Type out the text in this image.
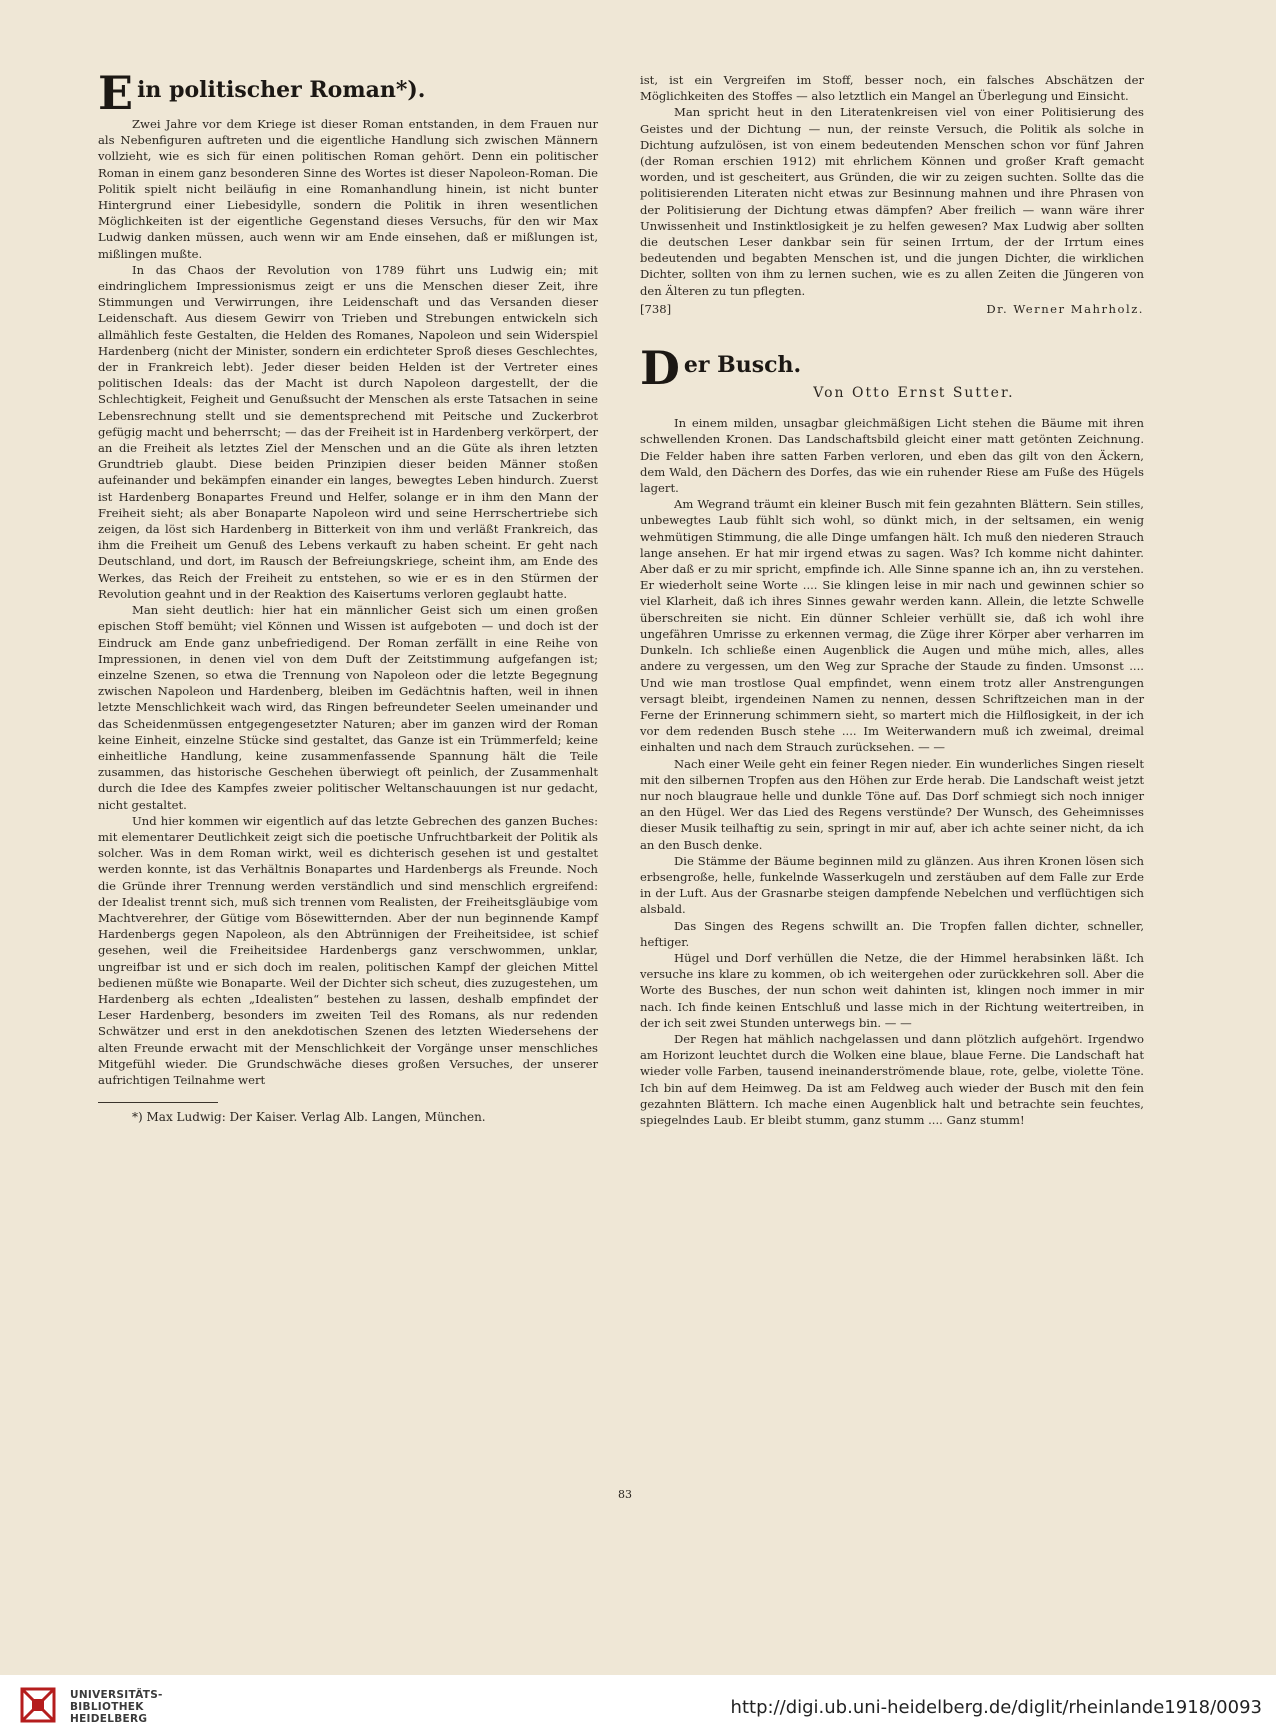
E in politischer Roman*).

Zwei Jahre vor dem Kriege ist dieser Roman entstanden, in dem Frauen nur als Nebenfiguren auftreten und die eigentliche Handlung sich zwischen Männern vollzieht, wie es sich für einen politischen Roman gehört. Denn ein politischer Roman in einem ganz besonderen Sinne des Wortes ist dieser Napoleon-Roman. Die Politik spielt nicht beiläufig in eine Romanhandlung hinein, ist nicht bunter Hintergrund einer Liebesidylle, sondern die Politik in ihren wesentlichen Möglichkeiten ist der eigentliche Gegenstand dieses Versuchs, für den wir Max Ludwig danken müssen, auch wenn wir am Ende einsehen, daß er mißlungen ist, mißlingen mußte.

In das Chaos der Revolution von 1789 führt uns Ludwig ein; mit eindringlichem Impressionismus zeigt er uns die Menschen dieser Zeit, ihre Stimmungen und Verwirrungen, ihre Leidenschaft und das Versanden dieser Leidenschaft. Aus diesem Gewirr von Trieben und Strebungen entwickeln sich allmählich feste Gestalten, die Helden des Romanes, Napoleon und sein Widerspiel Hardenberg (nicht der Minister, sondern ein erdichteter Sproß dieses Geschlechtes, der in Frankreich lebt). Jeder dieser beiden Helden ist der Vertreter eines politischen Ideals: das der Macht ist durch Napoleon dargestellt, der die Schlechtigkeit, Feigheit und Genußsucht der Menschen als erste Tatsachen in seine Lebensrechnung stellt und sie dementsprechend mit Peitsche und Zuckerbrot gefügig macht und beherrscht; — das der Freiheit ist in Hardenberg verkörpert, der an die Freiheit als letztes Ziel der Menschen und an die Güte als ihren letzten Grundtrieb glaubt. Diese beiden Prinzipien dieser beiden Männer stoßen aufeinander und bekämpfen einander ein langes, bewegtes Leben hindurch. Zuerst ist Hardenberg Bonapartes Freund und Helfer, solange er in ihm den Mann der Freiheit sieht; als aber Bonaparte Napoleon wird und seine Herrschertriebe sich zeigen, da löst sich Hardenberg in Bitterkeit von ihm und verläßt Frankreich, das ihm die Freiheit um Genuß des Lebens verkauft zu haben scheint. Er geht nach Deutschland, und dort, im Rausch der Befreiungskriege, scheint ihm, am Ende des Werkes, das Reich der Freiheit zu entstehen, so wie er es in den Stürmen der Revolution geahnt und in der Reaktion des Kaisertums verloren geglaubt hatte.

Man sieht deutlich: hier hat ein männlicher Geist sich um einen großen epischen Stoff bemüht; viel Können und Wissen ist aufgeboten — und doch ist der Eindruck am Ende ganz unbefriedigend. Der Roman zerfällt in eine Reihe von Impressionen, in denen viel von dem Duft der Zeitstimmung aufgefangen ist; einzelne Szenen, so etwa die Trennung von Napoleon oder die letzte Begegnung zwischen Napoleon und Hardenberg, bleiben im Gedächtnis haften, weil in ihnen letzte Menschlichkeit wach wird, das Ringen befreundeter Seelen umeinander und das Scheidenmüssen entgegengesetzter Naturen; aber im ganzen wird der Roman keine Einheit, einzelne Stücke sind gestaltet, das Ganze ist ein Trümmerfeld; keine einheitliche Handlung, keine zusammenfassende Spannung hält die Teile zusammen, das historische Geschehen überwiegt oft peinlich, der Zusammenhalt durch die Idee des Kampfes zweier politischer Weltanschauungen ist nur gedacht, nicht gestaltet.

Und hier kommen wir eigentlich auf das letzte Gebrechen des ganzen Buches: mit elementarer Deutlichkeit zeigt sich die poetische Unfruchtbarkeit der Politik als solcher. Was in dem Roman wirkt, weil es dichterisch gesehen ist und gestaltet werden konnte, ist das Verhältnis Bonapartes und Hardenbergs als Freunde. Noch die Gründe ihrer Trennung werden verständlich und sind menschlich ergreifend: der Idealist trennt sich, muß sich trennen vom Realisten, der Freiheitsgläubige vom Machtverehrer, der Gütige vom Bösewitternden. Aber der nun beginnende Kampf Hardenbergs gegen Napoleon, als den Abtrünnigen der Freiheitsidee, ist schief gesehen, weil die Freiheitsidee Hardenbergs ganz verschwommen, unklar, ungreifbar ist und er sich doch im realen, politischen Kampf der gleichen Mittel bedienen müßte wie Bonaparte. Weil der Dichter sich scheut, dies zuzugestehen, um Hardenberg als echten „Idealisten“ bestehen zu lassen, deshalb empfindet der Leser Hardenberg, besonders im zweiten Teil des Romans, als nur redenden Schwätzer und erst in den anekdotischen Szenen des letzten Wiedersehens der alten Freunde erwacht mit der Menschlichkeit der Vorgänge unser menschliches Mitgefühl wieder. Die Grundschwäche dieses großen Versuches, der unserer aufrichtigen Teilnahme wert

*) Max Ludwig: Der Kaiser. Verlag Alb. Langen, München.

ist, ist ein Vergreifen im Stoff, besser noch, ein falsches Abschätzen der Möglichkeiten des Stoffes — also letztlich ein Mangel an Überlegung und Einsicht.

Man spricht heut in den Literatenkreisen viel von einer Politisierung des Geistes und der Dichtung — nun, der reinste Versuch, die Politik als solche in Dichtung aufzulösen, ist von einem bedeutenden Menschen schon vor fünf Jahren (der Roman erschien 1912) mit ehrlichem Können und großer Kraft gemacht worden, und ist gescheitert, aus Gründen, die wir zu zeigen suchten. Sollte das die politisierenden Literaten nicht etwas zur Besinnung mahnen und ihre Phrasen von der Politisierung der Dichtung etwas dämpfen? Aber freilich — wann wäre ihrer Unwissenheit und Instinktlosigkeit je zu helfen gewesen? Max Ludwig aber sollten die deutschen Leser dankbar sein für seinen Irrtum, der der Irrtum eines bedeutenden und begabten Menschen ist, und die jungen Dichter, die wirklichen Dichter, sollten von ihm zu lernen suchen, wie es zu allen Zeiten die Jüngeren von den Älteren zu tun pflegten.

[738]	Dr. Werner Mahrholz.
D er Busch.
Von Otto Ernst Sutter.

In einem milden, unsagbar gleichmäßigen Licht stehen die Bäume mit ihren schwellenden Kronen. Das Landschaftsbild gleicht einer matt getönten Zeichnung. Die Felder haben ihre satten Farben verloren, und eben das gilt von den Äckern, dem Wald, den Dächern des Dorfes, das wie ein ruhender Riese am Fuße des Hügels lagert.

Am Wegrand träumt ein kleiner Busch mit fein gezahnten Blättern. Sein stilles, unbewegtes Laub fühlt sich wohl, so dünkt mich, in der seltsamen, ein wenig wehmütigen Stimmung, die alle Dinge umfangen hält. Ich muß den niederen Strauch lange ansehen. Er hat mir irgend etwas zu sagen. Was? Ich komme nicht dahinter. Aber daß er zu mir spricht, empfinde ich. Alle Sinne spanne ich an, ihn zu verstehen. Er wiederholt seine Worte .... Sie klingen leise in mir nach und gewinnen schier so viel Klarheit, daß ich ihres Sinnes gewahr werden kann. Allein, die letzte Schwelle überschreiten sie nicht. Ein dünner Schleier verhüllt sie, daß ich wohl ihre ungefähren Umrisse zu erkennen vermag, die Züge ihrer Körper aber verharren im Dunkeln. Ich schließe einen Augenblick die Augen und mühe mich, alles, alles andere zu vergessen, um den Weg zur Sprache der Staude zu finden. Umsonst .... Und wie man trostlose Qual empfindet, wenn einem trotz aller Anstrengungen versagt bleibt, irgendeinen Namen zu nennen, dessen Schriftzeichen man in der Ferne der Erinnerung schimmern sieht, so martert mich die Hilflosigkeit, in der ich vor dem redenden Busch stehe .... Im Weiterwandern muß ich zweimal, dreimal einhalten und nach dem Strauch zurücksehen. — —

Nach einer Weile geht ein feiner Regen nieder. Ein wunderliches Singen rieselt mit den silbernen Tropfen aus den Höhen zur Erde herab. Die Landschaft weist jetzt nur noch blaugraue helle und dunkle Töne auf. Das Dorf schmiegt sich noch inniger an den Hügel. Wer das Lied des Regens verstünde? Der Wunsch, des Geheimnisses dieser Musik teilhaftig zu sein, springt in mir auf, aber ich achte seiner nicht, da ich an den Busch denke.

Die Stämme der Bäume beginnen mild zu glänzen. Aus ihren Kronen lösen sich erbsengroße, helle, funkelnde Wasserkugeln und zerstäuben auf dem Falle zur Erde in der Luft. Aus der Grasnarbe steigen dampfende Nebelchen und verflüchtigen sich alsbald.

Das Singen des Regens schwillt an. Die Tropfen fallen dichter, schneller, heftiger.

Hügel und Dorf verhüllen die Netze, die der Himmel herabsinken läßt. Ich versuche ins klare zu kommen, ob ich weitergehen oder zurückkehren soll. Aber die Worte des Busches, der nun schon weit dahinten ist, klingen noch immer in mir nach. Ich finde keinen Entschluß und lasse mich in der Richtung weitertreiben, in der ich seit zwei Stunden unterwegs bin. — —

Der Regen hat mählich nachgelassen und dann plötzlich aufgehört. Irgendwo am Horizont leuchtet durch die Wolken eine blaue, blaue Ferne. Die Landschaft hat wieder volle Farben, tausend ineinanderströmende blaue, rote, gelbe, violette Töne. Ich bin auf dem Heimweg. Da ist am Feldweg auch wieder der Busch mit den fein gezahnten Blättern. Ich mache einen Augenblick halt und betrachte sein feuchtes, spiegelndes Laub. Er bleibt stumm, ganz stumm .... Ganz stumm!

83
UNIVERSITÄTS-
BIBLIOTHEK
HEIDELBERG
http://digi.ub.uni-heidelberg.de/diglit/rheinlande1918/0093
